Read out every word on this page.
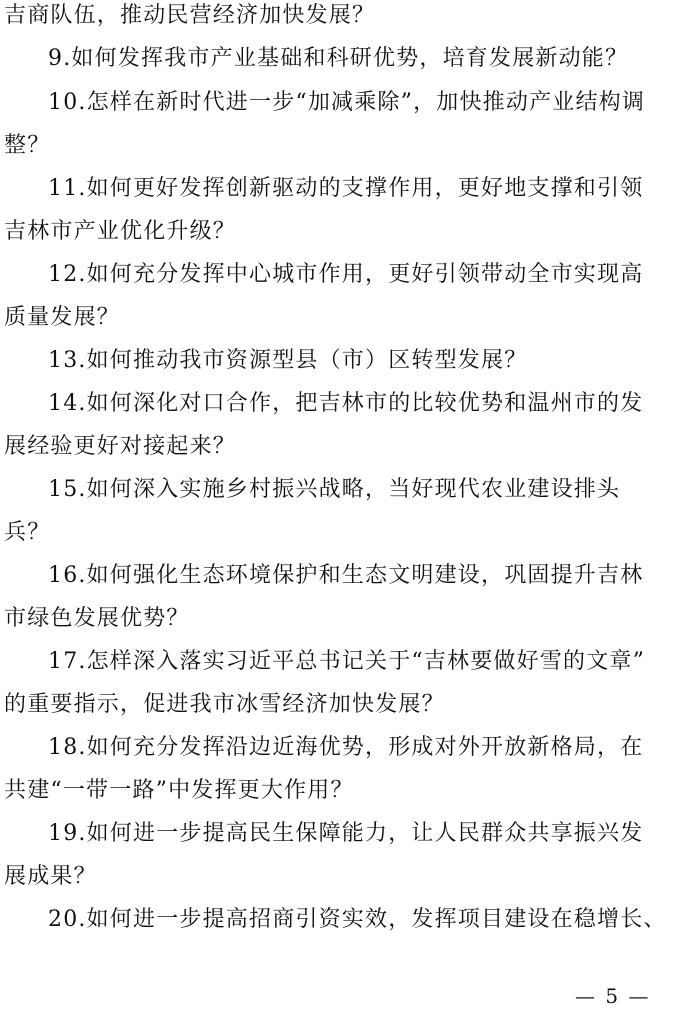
吉商队伍，推动民营经济加快发展？
9.如何发挥我市产业基础和科研优势，培育发展新动能？
10.怎样在新时代进一步“加减乘除”，加快推动产业结构调
整？
11.如何更好发挥创新驱动的支撑作用，更好地支撑和引领
吉林市产业优化升级？
12.如何充分发挥中心城市作用，更好引领带动全市实现高
质量发展？
13.如何推动我市资源型县（市）区转型发展？
14.如何深化对口合作，把吉林市的比较优势和温州市的发
展经验更好对接起来？
15.如何深入实施乡村振兴战略，当好现代农业建设排头
兵？
16.如何强化生态环境保护和生态文明建设，巩固提升吉林
市绿色发展优势？
17.怎样深入落实习近平总书记关于“吉林要做好雪的文章”
的重要指示，促进我市冰雪经济加快发展？
18.如何充分发挥沿边近海优势，形成对外开放新格局，在
共建“一带一路”中发挥更大作用？
19.如何进一步提高民生保障能力，让人民群众共享振兴发
展成果？
20.如何进一步提高招商引资实效，发挥项目建设在稳增长、
— 5 —
